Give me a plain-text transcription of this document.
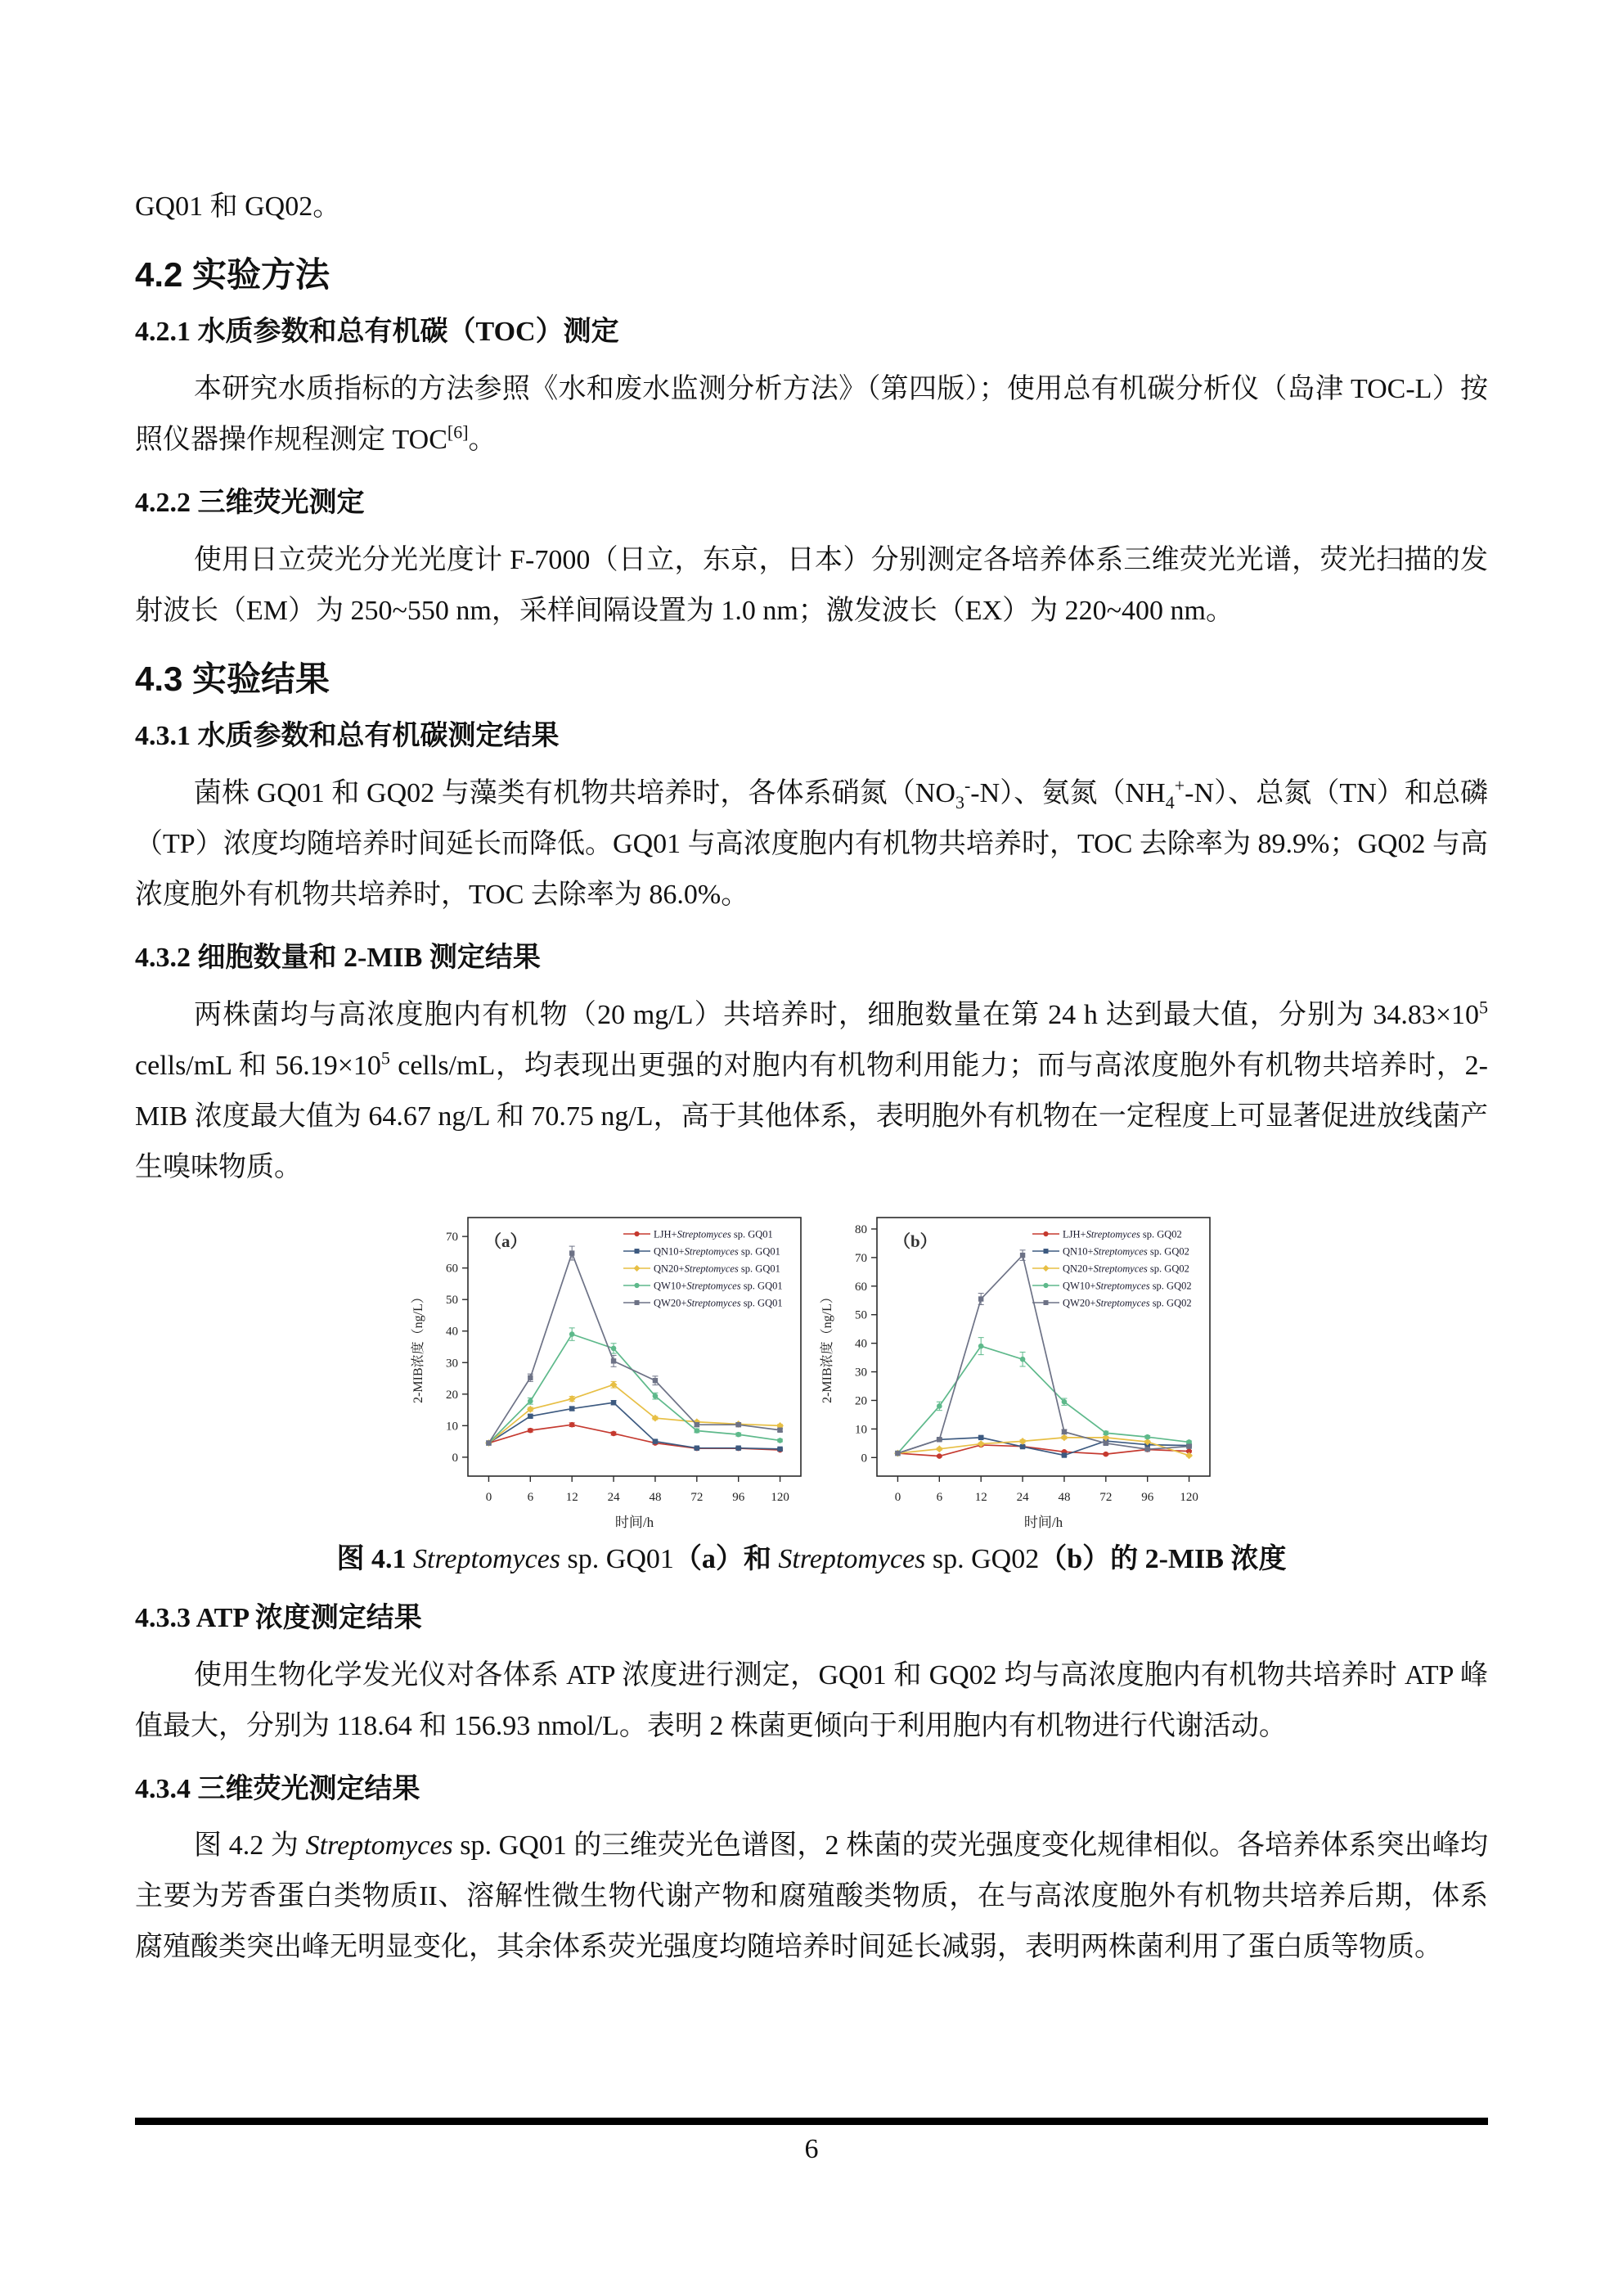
GQ01 和 GQ02。

4.2 实验方法
4.2.1 水质参数和总有机碳（TOC）测定

本研究水质指标的方法参照《水和废水监测分析方法》（第四版）；使用总有机碳分析仪（岛津 TOC-L）按照仪器操作规程测定 TOC[6]。

4.2.2 三维荧光测定

使用日立荧光分光光度计 F-7000（日立，东京，日本）分别测定各培养体系三维荧光光谱，荧光扫描的发射波长（EM）为 250~550 nm，采样间隔设置为 1.0 nm；激发波长（EX）为 220~400 nm。

4.3 实验结果
4.3.1 水质参数和总有机碳测定结果

菌株 GQ01 和 GQ02 与藻类有机物共培养时，各体系硝氮$(NO_3^--N)$、氨氮$(NH_4^+-N)$、总氮（TN）和总磷（TP）浓度均随培养时间延长而降低。GQ01 与高浓度胞内有机物共培养时，TOC 去除率为 89.9%；GQ02 与高浓度胞外有机物共培养时，TOC 去除率为 86.0%。

4.3.2 细胞数量和 2-MIB 测定结果

两株菌均与高浓度胞内有机物（20 mg/L）共培养时，细胞数量在第 24 h 达到最大值，分别为 $34.83\times 10^5$ cells/mL 和 $56.19\times 10^5$ cells/mL，均表现出更强的对胞内有机物利用能力；而与高浓度胞外有机物共培养时，2-MIB 浓度最大值为 64.67 ng/L 和 70.75 ng/L，高于其他体系，表明胞外有机物在一定程度上可显著促进放线菌产生嗅味物质。

0
10
20
30
40
50
60
70
2-MIB浓度（ng/L）
0	6	12 24 48 72 96 120
时间/h
（a）	LJH+Streptomyces sp. GQ01
QN10+Streptomyces sp. GQ01
QN20+Streptomyces sp. GQ01
QW10+Streptomyces sp. GQ01
QW20+Streptomyces sp. GQ01
0
10
20
30
40
50
60
70
80
2-MIB浓度（ng/L）
0	6	12 24 48 72 96 120
时间/h
（b）	LJH+Streptomyces sp. GQ02
QN10+Streptomyces sp. GQ02
QN20+Streptomyces sp. GQ02
QW10+Streptomyces sp. GQ02
QW20+Streptomyces sp. GQ02

图 4.1 Streptomyces sp. GQ01（a）和 Streptomyces sp. GQ02（b）的 2-MIB 浓度

4.3.3 ATP 浓度测定结果

使用生物化学发光仪对各体系 ATP 浓度进行测定，GQ01 和 GQ02 均与高浓度胞内有机物共培养时 ATP 峰值最大，分别为 118.64 和 156.93 nmol/L。表明 2 株菌更倾向于利用胞内有机物进行代谢活动。

4.3.4 三维荧光测定结果

图 4.2 为 Streptomyces sp. GQ01 的三维荧光色谱图，2 株菌的荧光强度变化规律相似。各培养体系突出峰均主要为芳香蛋白类物质II、溶解性微生物代谢产物和腐殖酸类物质，在与高浓度胞外有机物共培养后期，体系腐殖酸类突出峰无明显变化，其余体系荧光强度均随培养时间延长减弱，表明两株菌利用了蛋白质等物质。

6
